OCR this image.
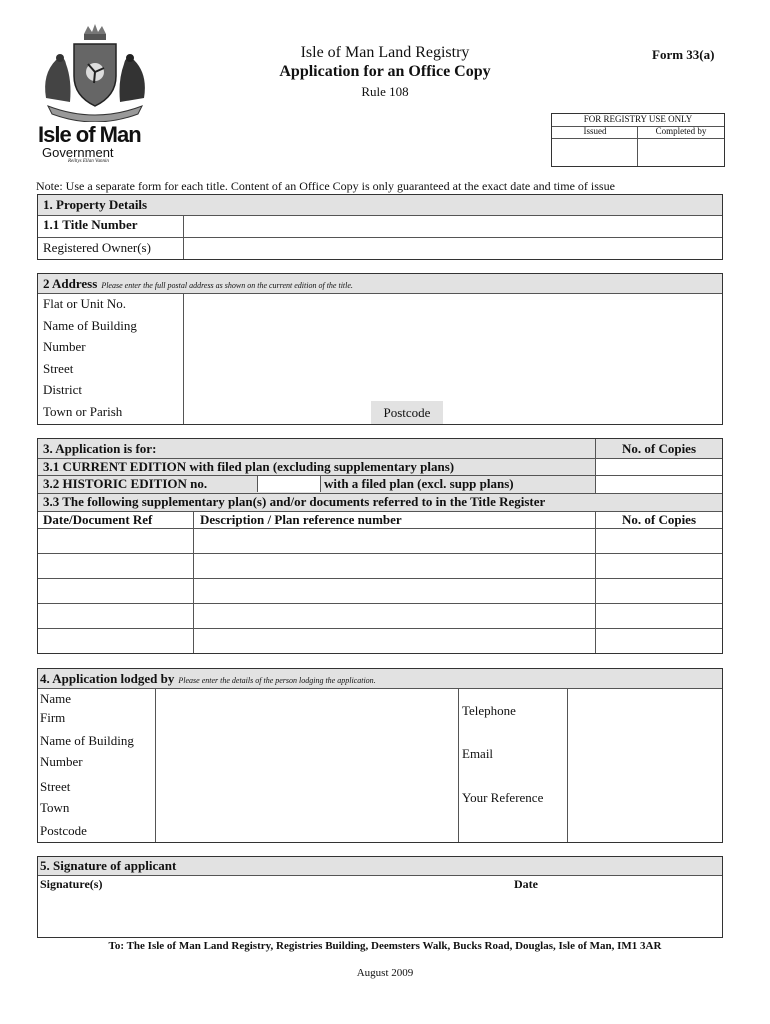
Isle of Man
Government
Reiltys Ellan Vannin
Isle of Man Land Registry
Application for an Office Copy
Rule 108
Form 33(a)
FOR REGISTRY USE ONLY
Issued	Completed by
Note: Use a separate form for each title. Content of an Office Copy is only guaranteed at the exact date and time of issue
1. Property Details
1.1 Title Number
Registered Owner(s)
2 Address Please enter the full postal address as shown on the current edition of the title.
Flat or Unit No.
Name of Building
Number
Street
District
Town or Parish	Postcode
3. Application is for:	No. of Copies
3.1 CURRENT EDITION with filed plan (excluding supplementary plans)
3.2 HISTORIC EDITION no.	with a filed plan (excl. supp plans)
3.3 The following supplementary plan(s) and/or documents referred to in the Title Register
Date/Document Ref	Description / Plan reference number	No. of Copies
4. Application lodged by Please enter the details of the person lodging the application.
Name
Firm
Name of Building
Number
Street
Town
Postcode
Telephone
Email
Your Reference
5. Signature of applicant
Signature(s)	Date
To: The Isle of Man Land Registry, Registries Building, Deemsters Walk, Bucks Road, Douglas, Isle of Man, IM1 3AR
August 2009
